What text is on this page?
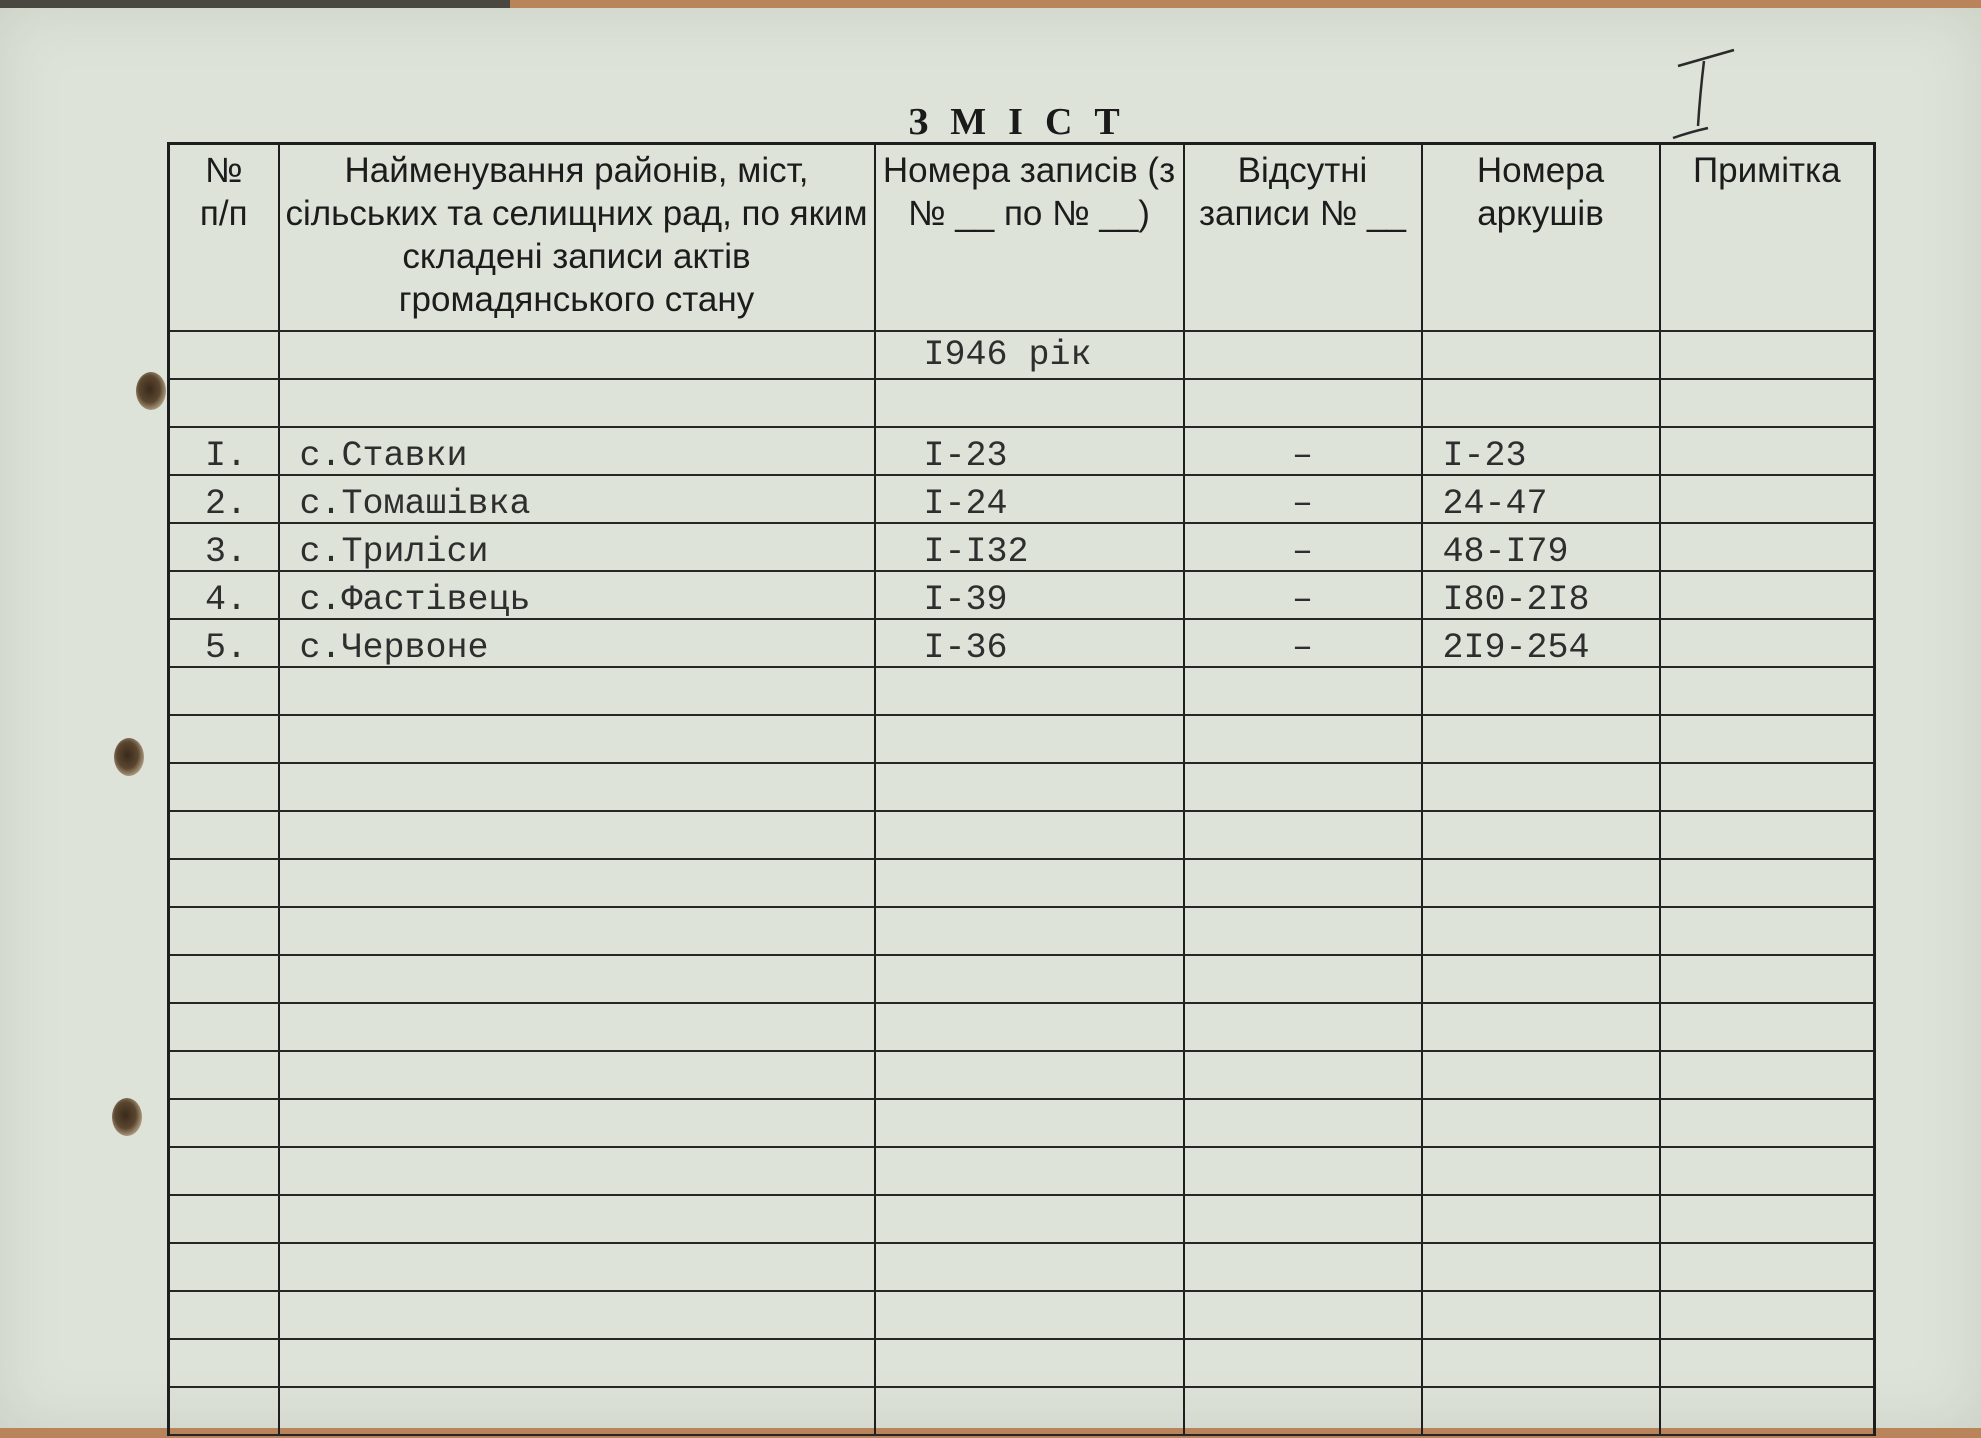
ЗМІСТ
№
п/п	Найменування районів, міст, сільських та селищних рад, по яким складені записи актів громадянського стану	Номера записів (з № __ по № __)	Відсутні записи № __	Номера аркушів	Примітка
		I946 рік			

I.	с.Ставки	I-23	–	I-23	
2.	с.Томашівка	I-24	–	24-47	
3.	с.Триліси	I-I32	–	48-I79	
4.	с.Фастівець	I-39	–	I80-2I8	
5.	с.Червоне	I-36	–	2I9-254	
